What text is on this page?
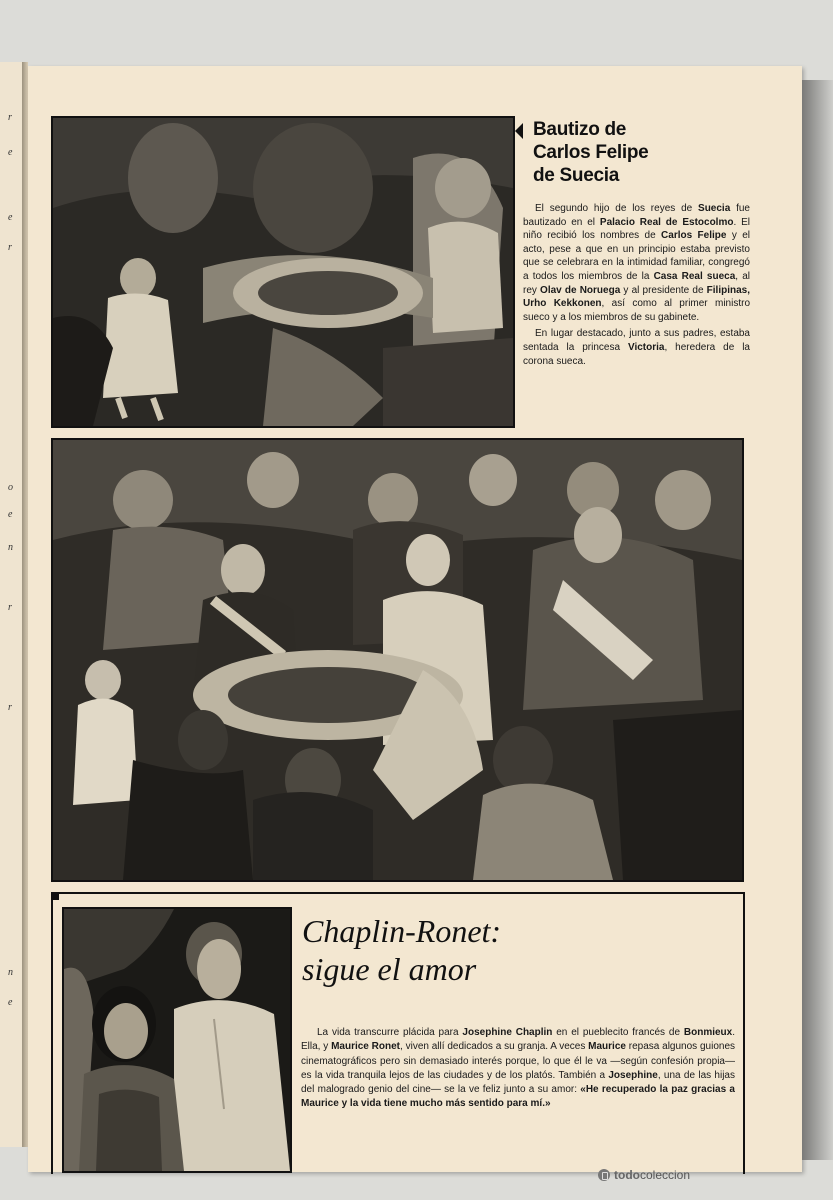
r
e
e
r
o
e
n
r
r
n
e
Bautizo de
Carlos Felipe
de Suecia

El segundo hijo de los reyes de Suecia fue bautizado en el Palacio Real de Estocolmo. El niño recibió los nombres de Carlos Felipe y el acto, pese a que en un principio estaba previsto que se celebrara en la intimidad familiar, congregó a todos los miembros de la Casa Real sueca, al rey Olav de Noruega y al presidente de Filipinas, Urho Kekkonen, así como al primer ministro sueco y a los miembros de su gabinete.

En lugar destacado, junto a sus padres, estaba sentada la princesa Victoria, heredera de la corona sueca.

Chaplin-Ronet:
sigue el amor

La vida transcurre plácida para Josephine Chaplin en el pueblecito francés de Bonmieux. Ella, y Maurice Ronet, viven allí dedicados a su granja. A veces Maurice repasa algunos guiones cinematográficos pero sin demasiado interés porque, lo que él le va —según confesión propia— es la vida tranquila lejos de las ciudades y de los platós. También a Josephine, una de las hijas del malogrado genio del cine— se la ve feliz junto a su amor: «He recuperado la paz gracias a Maurice y la vida tiene mucho más sentido para mí.»

todocoleccion
